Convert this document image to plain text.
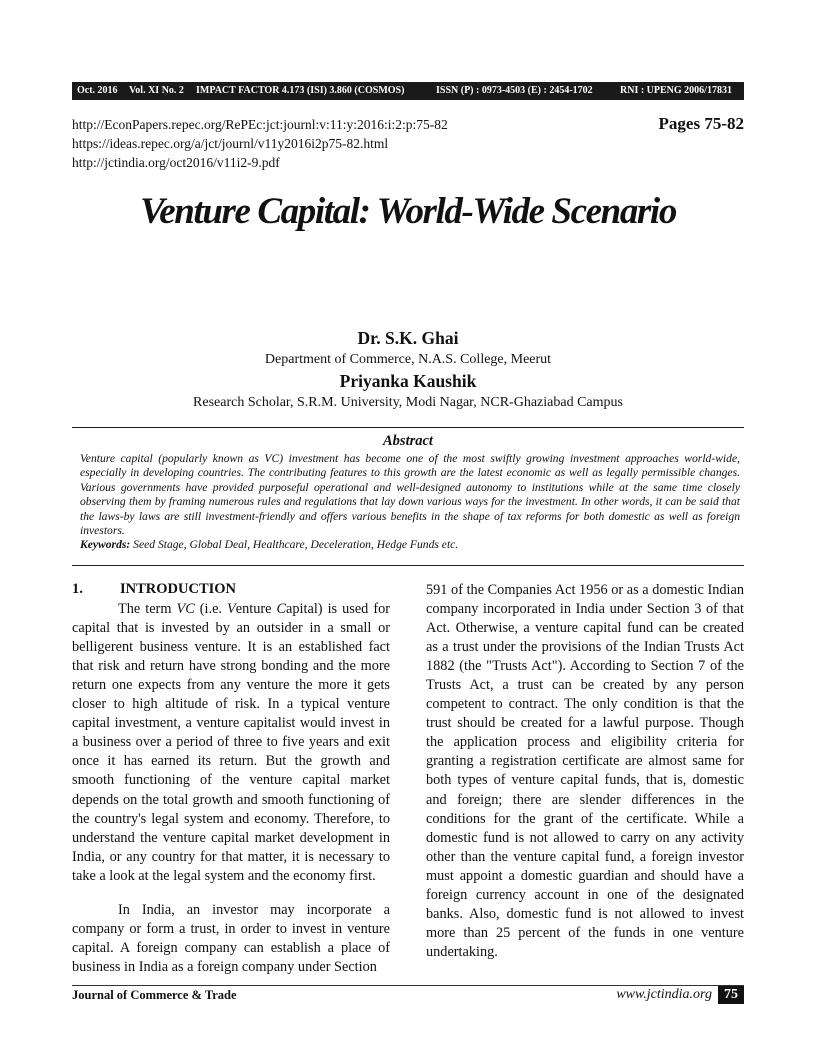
Oct. 2016 Vol. XI No. 2 IMPACT FACTOR 4.173 (ISI) 3.860 (COSMOS)	ISSN (P) : 0973-4503 (E) : 2454-1702	RNI : UPENG 2006/17831
http://EconPapers.repec.org/RePEc:jct:journl:v:11:y:2016:i:2:p:75-82
https://ideas.repec.org/a/jct/journl/v11y2016i2p75-82.html
http://jctindia.org/oct2016/v11i2-9.pdf
Pages 75-82
Venture Capital: World-Wide Scenario
Dr. S.K. Ghai
Department of Commerce, N.A.S. College, Meerut
Priyanka Kaushik
Research Scholar, S.R.M. University, Modi Nagar, NCR-Ghaziabad Campus
Abstract
Venture capital (popularly known as VC) investment has become one of the most swiftly growing investment approaches world-wide, especially in developing countries. The contributing features to this growth are the latest economic as well as legally permissible changes. Various governments have provided purposeful operational and well-designed autonomy to institutions while at the same time closely observing them by framing numerous rules and regulations that lay down various ways for the investment. In other words, it can be said that the laws-by laws are still investment-friendly and offers various benefits in the shape of tax reforms for both domestic as well as foreign investors.
Keywords: Seed Stage, Global Deal, Healthcare, Deceleration, Hedge Funds etc.
1.	INTRODUCTION

The term VC (i.e. Venture Capital) is used for capital that is invested by an outsider in a small or belligerent business venture. It is an established fact that risk and return have strong bonding and the more return one expects from any venture the more it gets closer to high altitude of risk. In a typical venture capital investment, a venture capitalist would invest in a business over a period of three to five years and exit once it has earned its return. But the growth and smooth functioning of the venture capital market depends on the total growth and smooth functioning of the country's legal system and economy. Therefore, to understand the venture capital market development in India, or any country for that matter, it is necessary to take a look at the legal system and the economy first.

In India, an investor may incorporate a company or form a trust, in order to invest in venture capital. A foreign company can establish a place of business in India as a foreign company under Section

591 of the Companies Act 1956 or as a domestic Indian company incorporated in India under Section 3 of that Act. Otherwise, a venture capital fund can be created as a trust under the provisions of the Indian Trusts Act 1882 (the "Trusts Act"). According to Section 7 of the Trusts Act, a trust can be created by any person competent to contract. The only condition is that the trust should be created for a lawful purpose. Though the application process and eligibility criteria for granting a registration certificate are almost same for both types of venture capital funds, that is, domestic and foreign; there are slender differences in the conditions for the grant of the certificate. While a domestic fund is not allowed to carry on any activity other than the venture capital fund, a foreign investor must appoint a domestic guardian and should have a foreign currency account in one of the designated banks. Also, domestic fund is not allowed to invest more than 25 percent of the funds in one venture undertaking.

Journal of Commerce & Trade	www.jctindia.org 75
